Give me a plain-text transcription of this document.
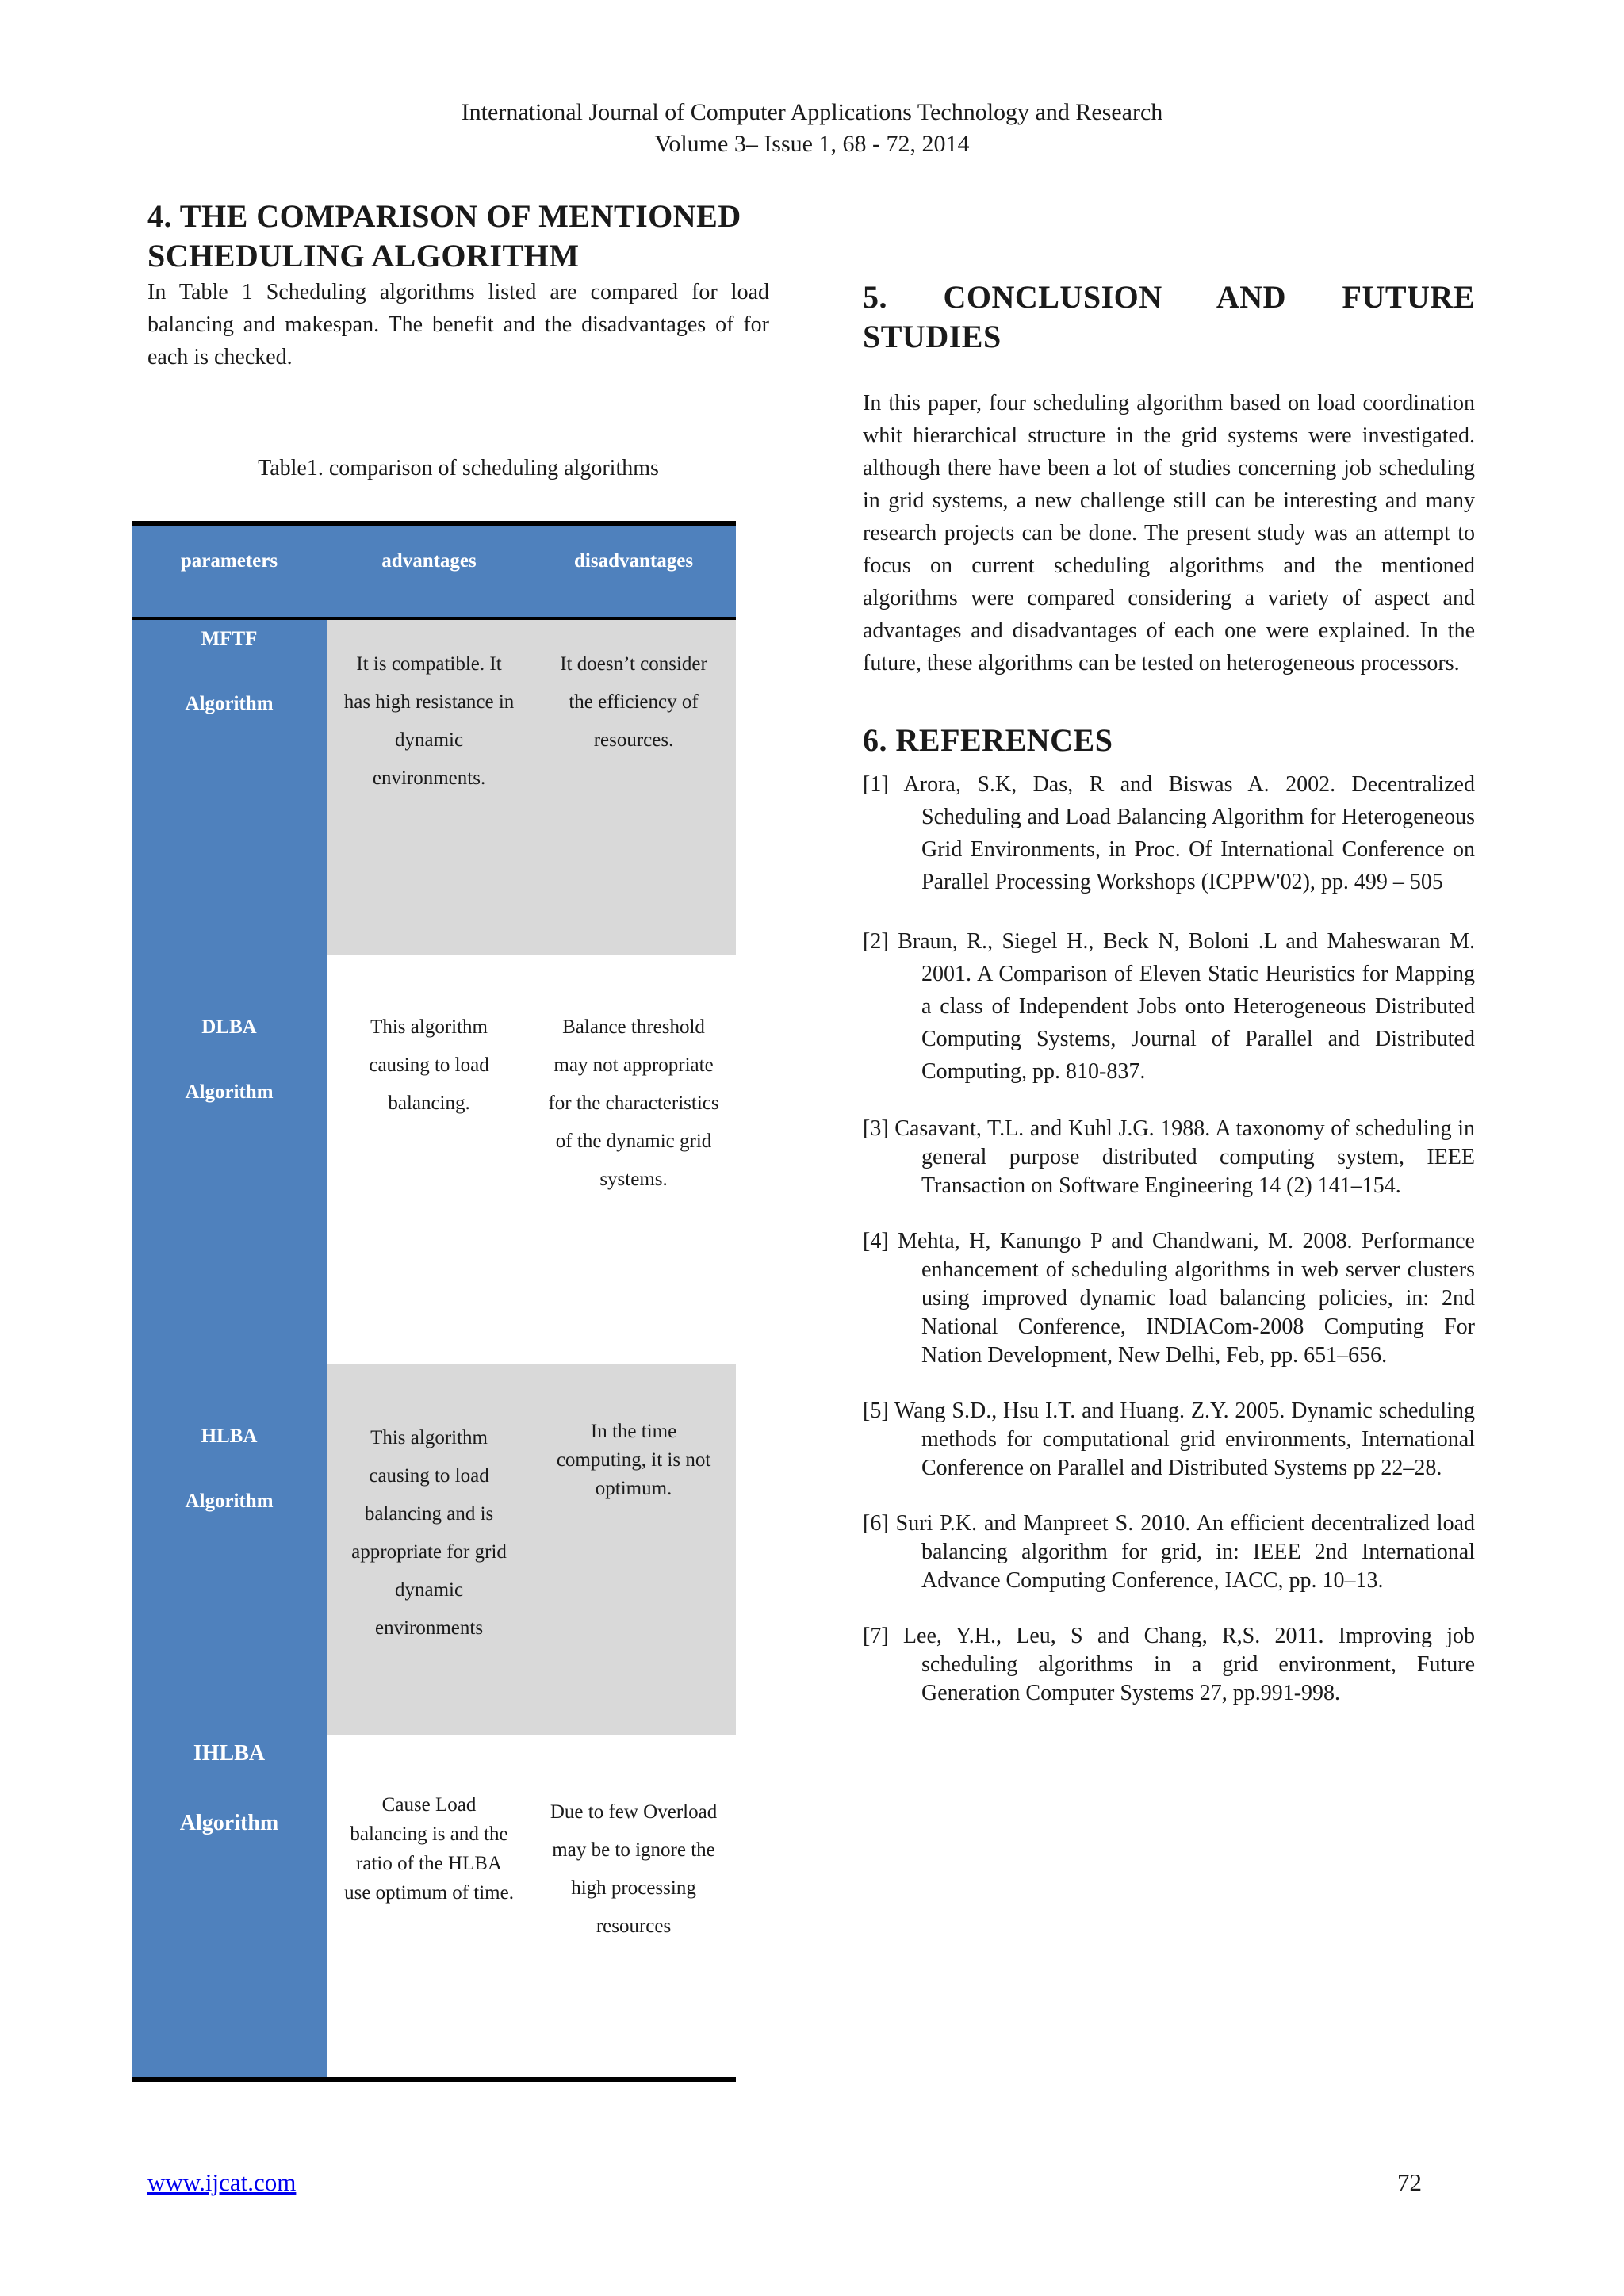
International Journal of Computer Applications Technology and Research
Volume 3– Issue 1, 68 - 72, 2014
4. THE COMPARISON OF MENTIONED
SCHEDULING ALGORITHM

In Table 1 Scheduling algorithms listed are compared for load balancing and makespan. The benefit and the disadvantages of for each is checked.

Table1. comparison of scheduling algorithms
parameters	advantages	disadvantages

MFTF
Algorithm	It is compatible. It has high resistance in dynamic environments.	It doesn’t consider the efficiency of resources.

DLBA
Algorithm	This algorithm causing to load balancing.	Balance threshold may not appropriate for the characteristics of the dynamic grid systems.

HLBA
Algorithm	This algorithm causing to load balancing and is appropriate for grid dynamic environments	In the time computing, it is not optimum.

IHLBA
Algorithm	Cause Load balancing is and the ratio of the HLBA use optimum of time.	Due to few Overload may be to ignore the high processing resources
5. CONCLUSION AND FUTURE
STUDIES

In this paper, four scheduling algorithm based on load coordination whit hierarchical structure in the grid systems were investigated. although there have been a lot of studies concerning job scheduling in grid systems, a new challenge still can be interesting and many research projects can be done. The present study was an attempt to focus on current scheduling algorithms and the mentioned algorithms were compared considering a variety of aspect and advantages and disadvantages of each one were explained. In the future, these algorithms can be tested on heterogeneous processors.

6. REFERENCES

[1] Arora, S.K, Das, R and Biswas A. 2002. Decentralized Scheduling and Load Balancing Algorithm for Heterogeneous Grid Environments, in Proc. Of International Conference on Parallel Processing Workshops (ICPPW'02), pp. 499 – 505

[2] Braun, R., Siegel H., Beck N, Boloni .L and Maheswaran M. 2001. A Comparison of Eleven Static Heuristics for Mapping a class of Independent Jobs onto Heterogeneous Distributed Computing Systems, Journal of Parallel and Distributed Computing, pp. 810-837.

[3] Casavant, T.L. and Kuhl J.G. 1988. A taxonomy of scheduling in general purpose distributed computing system, IEEE Transaction on Software Engineering 14 (2) 141–154.

[4] Mehta, H, Kanungo P and Chandwani, M. 2008. Performance enhancement of scheduling algorithms in web server clusters using improved dynamic load balancing policies, in: 2nd National Conference, INDIACom-2008 Computing For Nation Development, New Delhi, Feb, pp. 651–656.

[5] Wang S.D., Hsu I.T. and Huang. Z.Y. 2005. Dynamic scheduling methods for computational grid environments, International Conference on Parallel and Distributed Systems pp 22–28.

[6] Suri P.K. and Manpreet S. 2010. An efficient decentralized load balancing algorithm for grid, in: IEEE 2nd International Advance Computing Conference, IACC, pp. 10–13.

[7] Lee, Y.H., Leu, S and Chang, R,S. 2011. Improving job scheduling algorithms in a grid environment, Future Generation Computer Systems 27, pp.991-998.

www.ijcat.com	72
